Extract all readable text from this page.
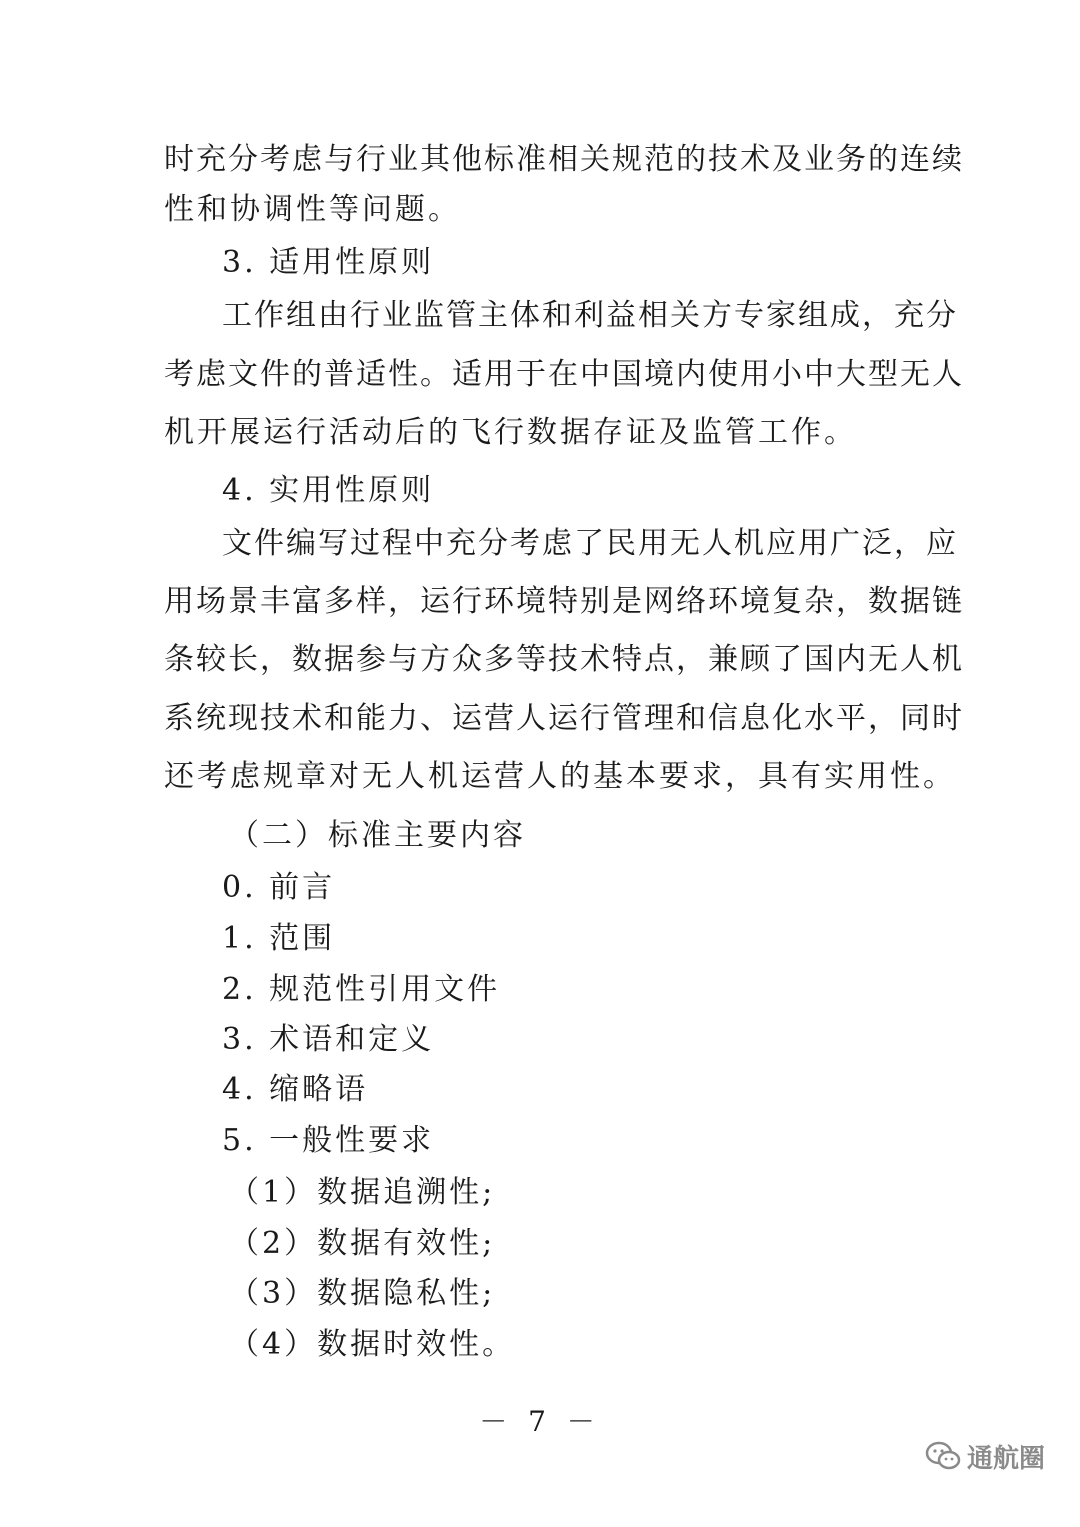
时充分考虑与行业其他标准相关规范的技术及业务的连续
性和协调性等问题。
3. 适用性原则
工作组由行业监管主体和利益相关方专家组成，充分
考虑文件的普适性。适用于在中国境内使用小中大型无人
机开展运行活动后的飞行数据存证及监管工作。
4. 实用性原则
文件编写过程中充分考虑了民用无人机应用广泛，应
用场景丰富多样，运行环境特别是网络环境复杂，数据链
条较长，数据参与方众多等技术特点，兼顾了国内无人机
系统现技术和能力、运营人运行管理和信息化水平，同时
还考虑规章对无人机运营人的基本要求，具有实用性。
（二）标准主要内容
0. 前言
1. 范围
2. 规范性引用文件
3. 术语和定义
4. 缩略语
5. 一般性要求
（1）数据追溯性;
（2）数据有效性;
（3）数据隐私性;
（4）数据时效性。
－ 7 －
通航圈
